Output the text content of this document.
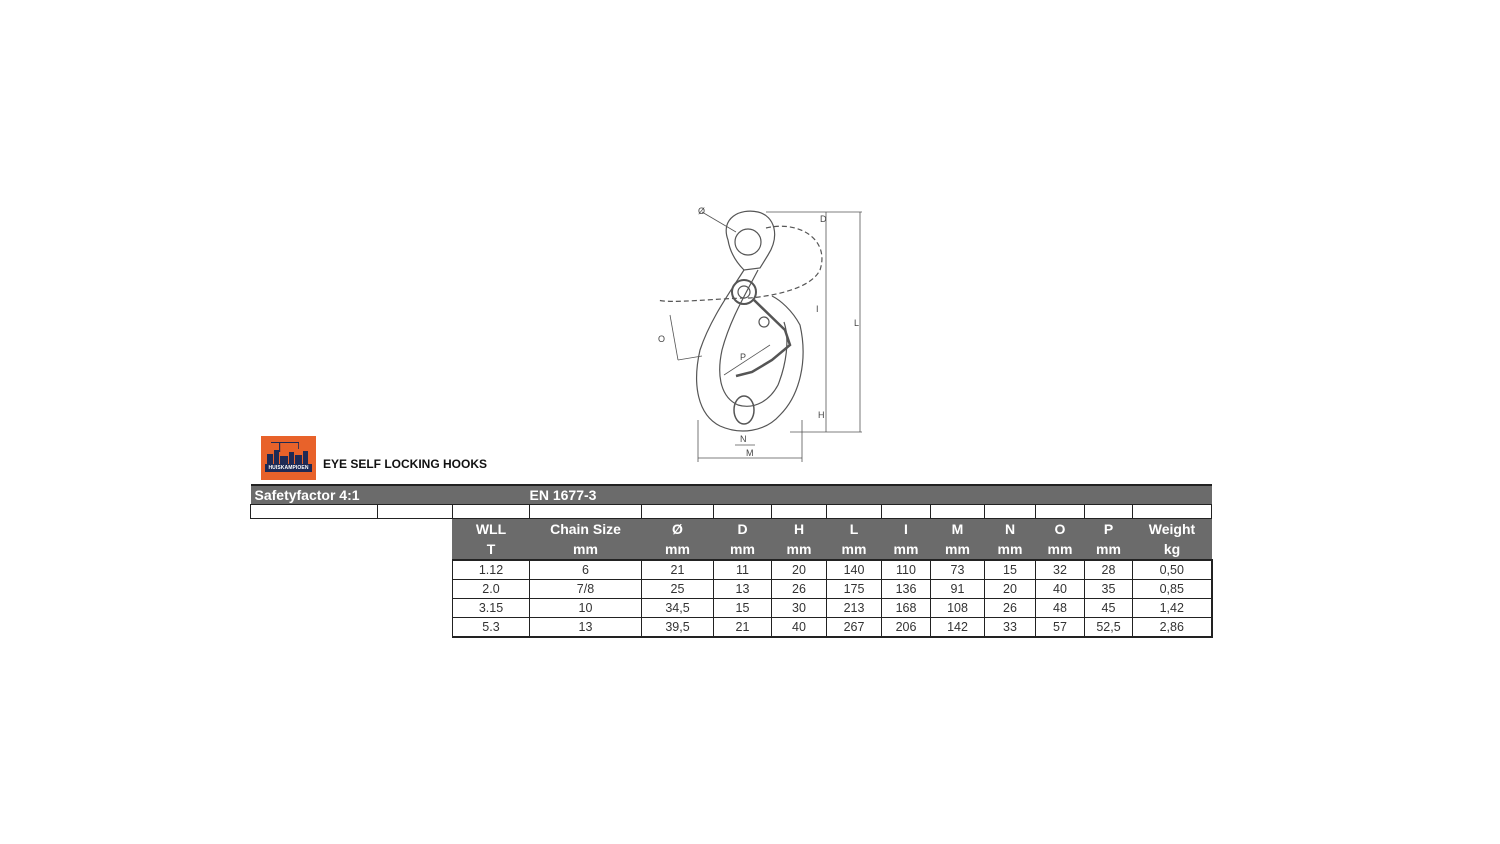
O
P
I
L
H
N
M
D
Ø
HUISKAMPIOEN EYE SELF LOCKING HOOKS
Safetyfactor 4:1			EN 1677-3										

		WLL	Chain Size	Ø	D	H	L	I	M	N	O	P	Weight
		T	mm	mm	mm	mm	mm	mm	mm	mm	mm	mm	kg
		1.12	6	21	11	20	140	110	73	15	32	28	0,50
		2.0	7/8	25	13	26	175	136	91	20	40	35	0,85
		3.15	10	34,5	15	30	213	168	108	26	48	45	1,42
		5.3	13	39,5	21	40	267	206	142	33	57	52,5	2,86
